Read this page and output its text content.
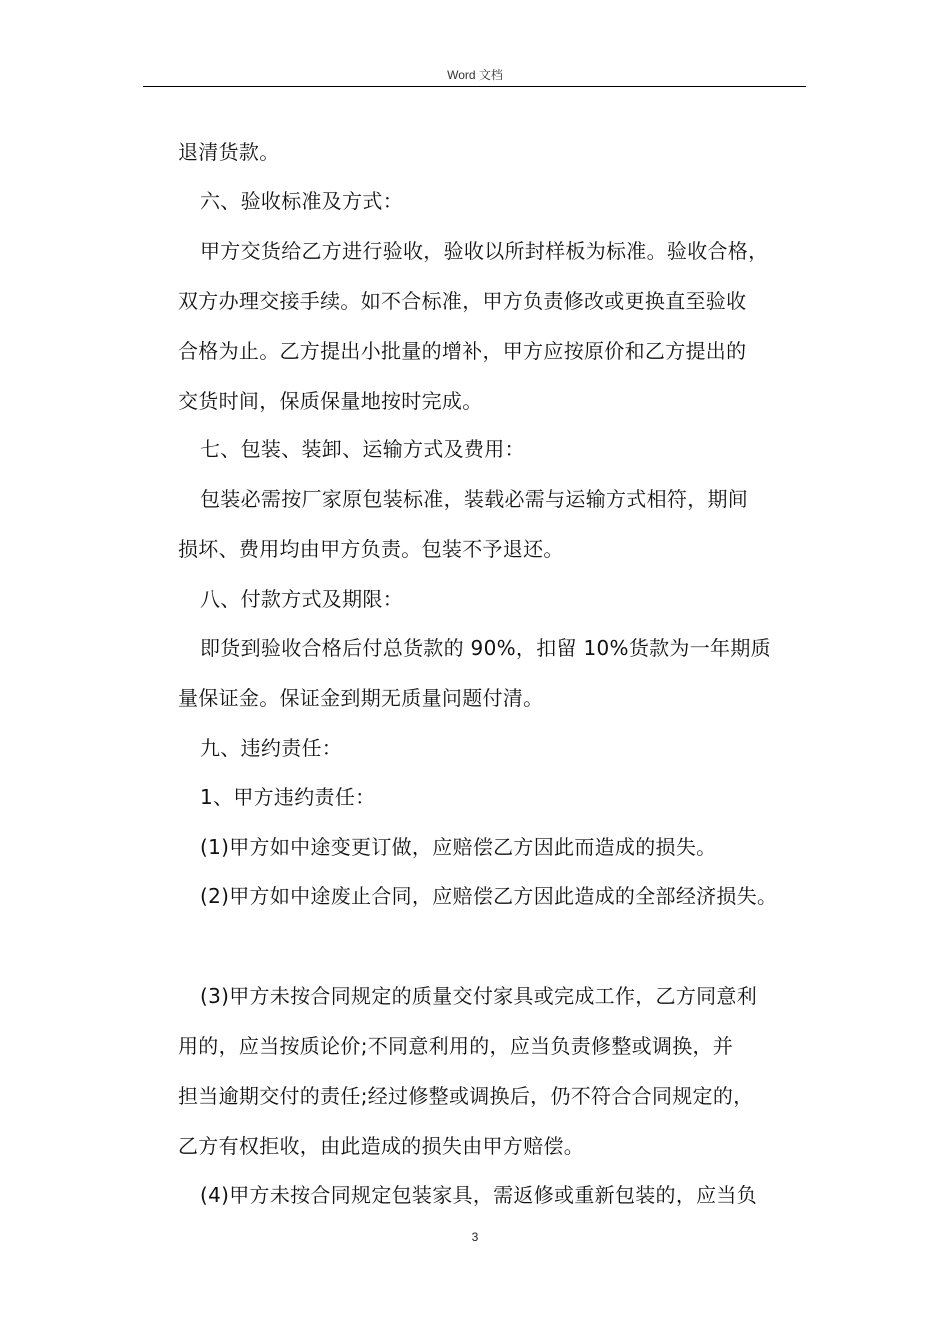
Word 文档
退清货款。
六、验收标准及方式：
甲方交货给乙方进行验收，验收以所封样板为标准。验收合格，
双方办理交接手续。如不合标准，甲方负责修改或更换直至验收
合格为止。乙方提出小批量的增补，甲方应按原价和乙方提出的
交货时间，保质保量地按时完成。
七、包装、装卸、运输方式及费用：
包装必需按厂家原包装标准，装载必需与运输方式相符，期间
损坏、费用均由甲方负责。包装不予退还。
八、付款方式及期限：
即货到验收合格后付总货款的 90%，扣留 10%货款为一年期质
量保证金。保证金到期无质量问题付清。
九、违约责任：
1、甲方违约责任：
(1)甲方如中途变更订做，应赔偿乙方因此而造成的损失。
(2)甲方如中途废止合同，应赔偿乙方因此造成的全部经济损失。
(3)甲方未按合同规定的质量交付家具或完成工作，乙方同意利
用的，应当按质论价;不同意利用的，应当负责修整或调换，并
担当逾期交付的责任;经过修整或调换后，仍不符合合同规定的，
乙方有权拒收，由此造成的损失由甲方赔偿。
(4)甲方未按合同规定包装家具，需返修或重新包装的，应当负
3
